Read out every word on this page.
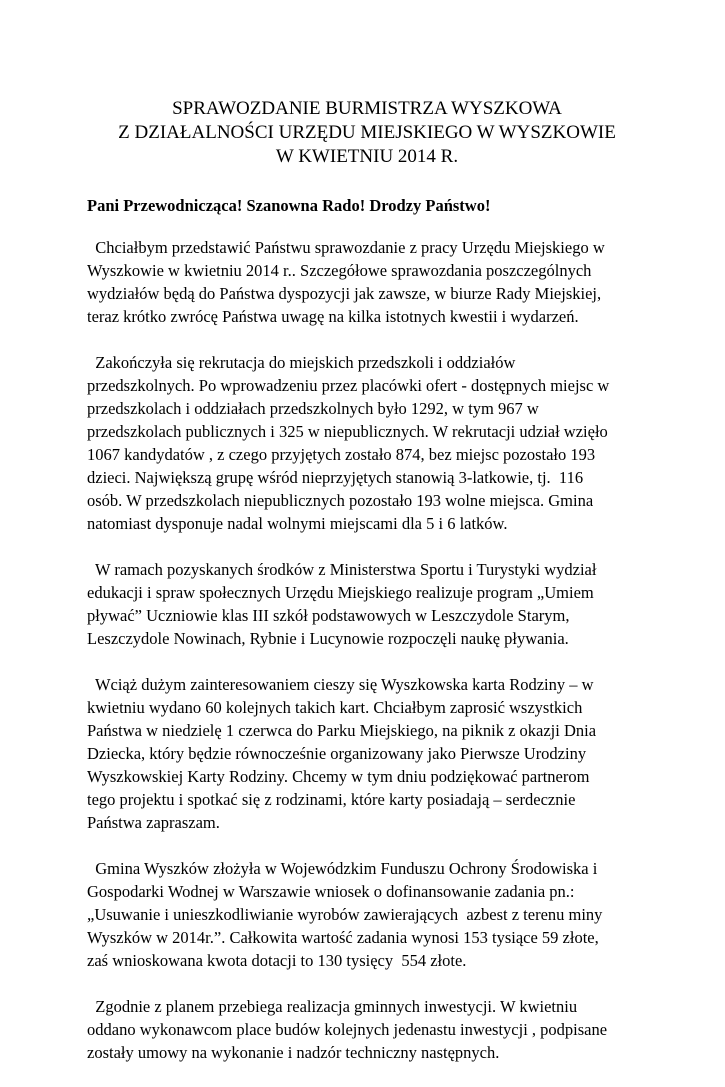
SPRAWOZDANIE BURMISTRZA WYSZKOWA
Z DZIAŁALNOŚCI URZĘDU MIEJSKIEGO W WYSZKOWIE
W KWIETNIU 2014 R.

Pani Przewodnicząca! Szanowna Rado! Drodzy Państwo!

Chciałbym przedstawić Państwu sprawozdanie z pracy Urzędu Miejskiego w
Wyszkowie w kwietniu 2014 r.. Szczegółowe sprawozdania poszczególnych
wydziałów będą do Państwa dyspozycji jak zawsze, w biurze Rady Miejskiej,
teraz krótko zwrócę Państwa uwagę na kilka istotnych kwestii i wydarzeń.
Zakończyła się rekrutacja do miejskich przedszkoli i oddziałów
przedszkolnych. Po wprowadzeniu przez placówki ofert - dostępnych miejsc w
przedszkolach i oddziałach przedszkolnych było 1292, w tym 967 w
przedszkolach publicznych i 325 w niepublicznych. W rekrutacji udział wzięło
1067 kandydatów , z czego przyjętych zostało 874, bez miejsc pozostało 193
dzieci. Największą grupę wśród nieprzyjętych stanowią 3-latkowie, tj.  116
osób. W przedszkolach niepublicznych pozostało 193 wolne miejsca. Gmina
natomiast dysponuje nadal wolnymi miejscami dla 5 i 6 latków.
W ramach pozyskanych środków z Ministerstwa Sportu i Turystyki wydział
edukacji i spraw społecznych Urzędu Miejskiego realizuje program „Umiem
pływać” Uczniowie klas III szkół podstawowych w Leszczydole Starym,
Leszczydole Nowinach, Rybnie i Lucynowie rozpoczęli naukę pływania.
Wciąż dużym zainteresowaniem cieszy się Wyszkowska karta Rodziny – w
kwietniu wydano 60 kolejnych takich kart. Chciałbym zaprosić wszystkich
Państwa w niedzielę 1 czerwca do Parku Miejskiego, na piknik z okazji Dnia
Dziecka, który będzie równocześnie organizowany jako Pierwsze Urodziny
Wyszkowskiej Karty Rodziny. Chcemy w tym dniu podziękować partnerom
tego projektu i spotkać się z rodzinami, które karty posiadają – serdecznie
Państwa zapraszam.
Gmina Wyszków złożyła w Wojewódzkim Funduszu Ochrony Środowiska i
Gospodarki Wodnej w Warszawie wniosek o dofinansowanie zadania pn.:
„Usuwanie i unieszkodliwianie wyrobów zawierających  azbest z terenu miny
Wyszków w 2014r.”. Całkowita wartość zadania wynosi 153 tysiące 59 złote,
zaś wnioskowana kwota dotacji to 130 tysięcy  554 złote.
Zgodnie z planem przebiega realizacja gminnych inwestycji. W kwietniu
oddano wykonawcom place budów kolejnych jedenastu inwestycji , podpisane
zostały umowy na wykonanie i nadzór techniczny następnych.
